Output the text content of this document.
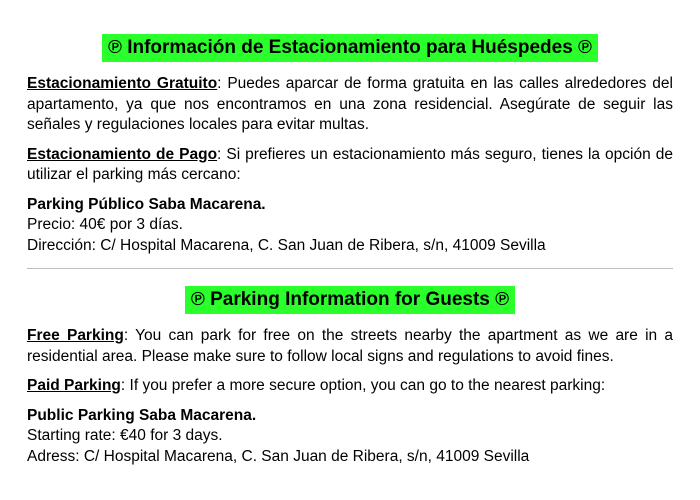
℗ Información de Estacionamiento para Huéspedes ℗

Estacionamiento Gratuito: Puedes aparcar de forma gratuita en las calles alrededores del apartamento, ya que nos encontramos en una zona residencial. Asegúrate de seguir las señales y regulaciones locales para evitar multas.

Estacionamiento de Pago: Si prefieres un estacionamiento más seguro, tienes la opción de utilizar el parking más cercano:

Parking Público Saba Macarena.
Precio: 40€ por 3 días.
Dirección: C/ Hospital Macarena, C. San Juan de Ribera, s/n, 41009 Sevilla
℗ Parking Information for Guests ℗

Free Parking: You can park for free on the streets nearby the apartment as we are in a residential area. Please make sure to follow local signs and regulations to avoid fines.

Paid Parking: If you prefer a more secure option, you can go to the nearest parking:

Public Parking Saba Macarena.
Starting rate: €40 for 3 days.
Adress: C/ Hospital Macarena, C. San Juan de Ribera, s/n, 41009 Sevilla
